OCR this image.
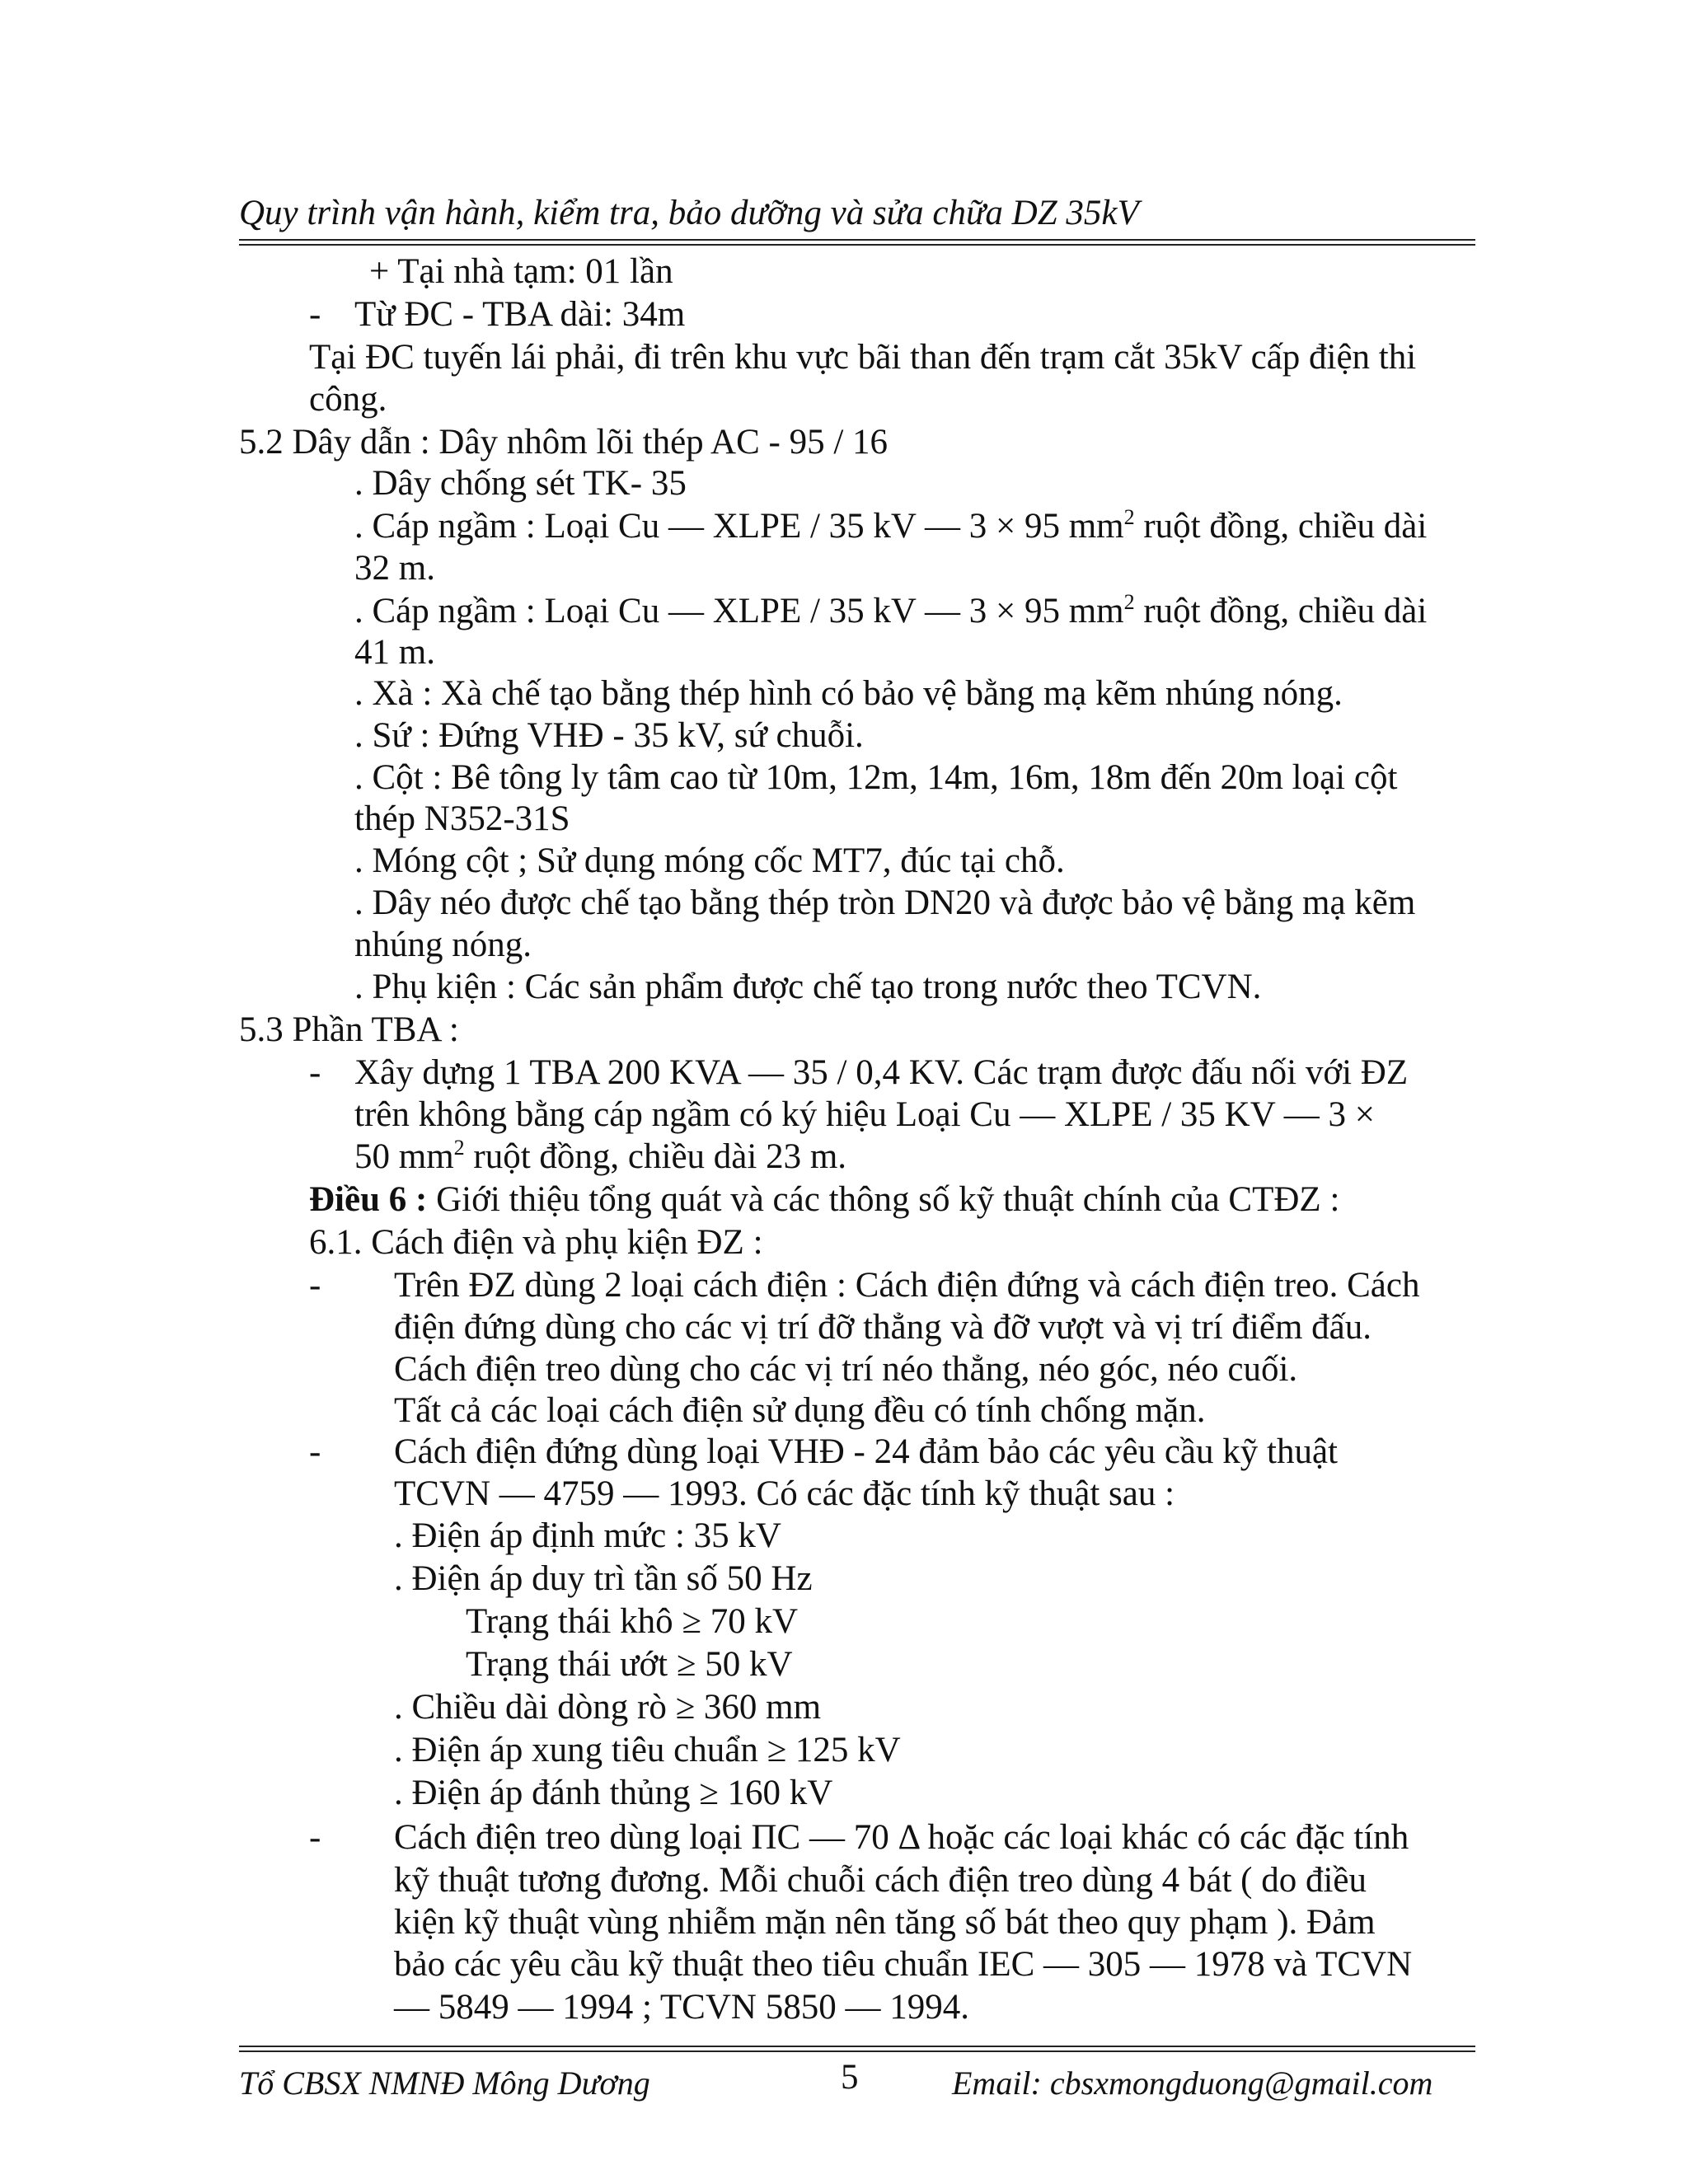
Quy trình vận hành, kiểm tra, bảo dưỡng và sửa chữa DZ 35kV
+ Tại nhà tạm: 01 lần
- Từ ĐC - TBA dài: 34m
Tại ĐC tuyến lái phải, đi trên khu vực bãi than đến trạm cắt 35kV cấp điện thi
công.
5.2 Dây dẫn : Dây nhôm lõi thép AC - 95 / 16
. Dây chống sét TK- 35
. Cáp ngầm : Loại Cu — XLPE / 35 kV — 3 × 95 $mm^2$ ruột đồng, chiều dài
32 m.
. Cáp ngầm : Loại Cu — XLPE / 35 kV — 3 × 95 $mm^2$ ruột đồng, chiều dài
41 m.
. Xà : Xà chế tạo bằng thép hình có bảo vệ bằng mạ kẽm nhúng nóng.
. Sứ : Đứng VHĐ - 35 kV, sứ chuỗi.
. Cột : Bê tông ly tâm cao từ 10m, 12m, 14m, 16m, 18m đến 20m loại cột
thép N352-31S
. Móng cột ; Sử dụng móng cốc MT7, đúc tại chỗ.
. Dây néo được chế tạo bằng thép tròn DN20 và được bảo vệ bằng mạ kẽm
nhúng nóng.
. Phụ kiện : Các sản phẩm được chế tạo trong nước theo TCVN.
5.3 Phần TBA :
- Xây dựng 1 TBA 200 KVA — 35 / 0,4 KV. Các trạm được đấu nối với ĐZ
trên không bằng cáp ngầm có ký hiệu Loại Cu — XLPE / 35 KV — 3 ×
50 $mm^2$ ruột đồng, chiều dài 23 m.
Điều 6 : Giới thiệu tổng quát và các thông số kỹ thuật chính của CTĐZ :
6.1. Cách điện và phụ kiện ĐZ :
- Trên ĐZ dùng 2 loại cách điện : Cách điện đứng và cách điện treo. Cách
điện đứng dùng cho các vị trí đỡ thẳng và đỡ vượt và vị trí điểm đấu.
Cách điện treo dùng cho các vị trí néo thẳng, néo góc, néo cuối.
Tất cả các loại cách điện sử dụng đều có tính chống mặn.
- Cách điện đứng dùng loại VHĐ - 24 đảm bảo các yêu cầu kỹ thuật
TCVN — 4759 — 1993. Có các đặc tính kỹ thuật sau :
. Điện áp định mức : 35 kV
. Điện áp duy trì tần số 50 Hz
Trạng thái khô ≥ 70 kV
Trạng thái ướt ≥ 50 kV
. Chiều dài dòng rò ≥ 360 mm
. Điện áp xung tiêu chuẩn ≥ 125 kV
. Điện áp đánh thủng ≥ 160 kV
- Cách điện treo dùng loại ПC — 70 Δ hoặc các loại khác có các đặc tính
kỹ thuật tương đương. Mỗi chuỗi cách điện treo dùng 4 bát ( do điều
kiện kỹ thuật vùng nhiễm mặn nên tăng số bát theo quy phạm ). Đảm
bảo các yêu cầu kỹ thuật theo tiêu chuẩn IEC — 305 — 1978 và TCVN
— 5849 — 1994 ; TCVN 5850 — 1994.
Tổ CBSX NMNĐ Mông Dương	5	Email: cbsxmongduong@gmail.com
